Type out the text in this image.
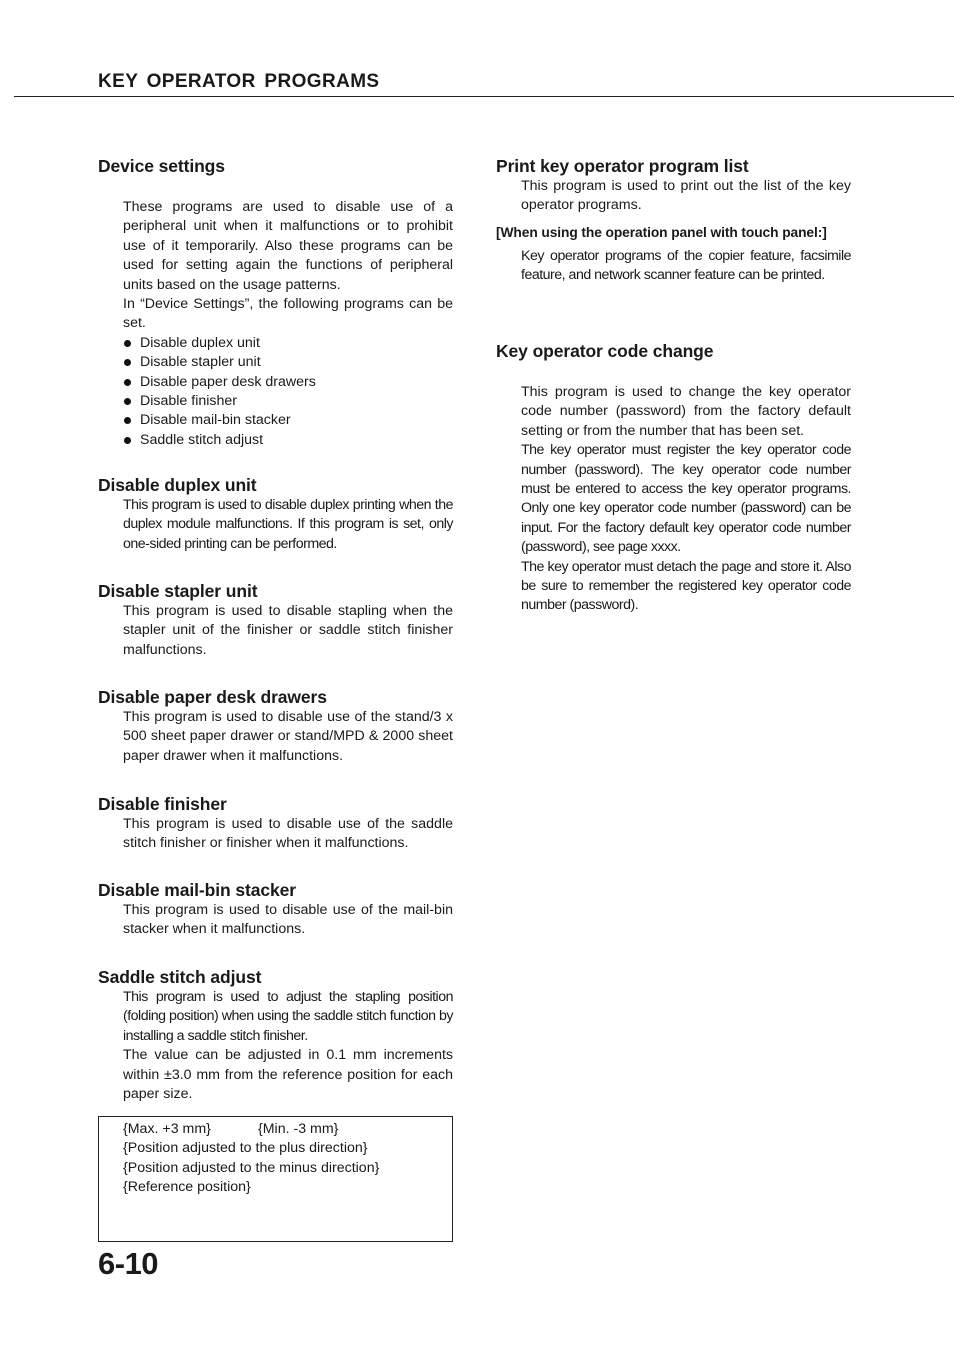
KEY OPERATOR PROGRAMS
Device settings

These programs are used to disable use of a peripheral unit when it malfunctions or to prohibit use of it temporarily. Also these programs can be used for setting again the functions of peripheral units based on the usage patterns.

In “Device Settings”, the following programs can be set.

Disable duplex unit
Disable stapler unit
Disable paper desk drawers
Disable finisher
Disable mail-bin stacker
Saddle stitch adjust
Disable duplex unit

This program is used to disable duplex printing when the duplex module malfunctions. If this program is set, only one-sided printing can be performed.

Disable stapler unit

This program is used to disable stapling when the stapler unit of the finisher or saddle stitch finisher malfunctions.

Disable paper desk drawers

This program is used to disable use of the stand/3 x 500 sheet paper drawer or stand/MPD & 2000 sheet paper drawer when it malfunctions.

Disable finisher

This program is used to disable use of the saddle stitch finisher or finisher when it malfunctions.

Disable mail-bin stacker

This program is used to disable use of the mail-bin stacker when it malfunctions.

Saddle stitch adjust

This program is used to adjust the stapling position (folding position) when using the saddle stitch function by installing a saddle stitch finisher.

The value can be adjusted in 0.1 mm increments within ±3.0 mm from the reference position for each paper size.

{Max. +3 mm}	{Min. -3 mm}
{Position adjusted to the plus direction}
{Position adjusted to the minus direction}
{Reference position}
Print key operator program list

This program is used to print out the list of the key operator programs.

[When using the operation panel with touch panel:]

Key operator programs of the copier feature, facsimile feature, and network scanner feature can be printed.

Key operator code change

This program is used to change the key operator code number (password) from the factory default setting or from the number that has been set.

The key operator must register the key operator code number (password). The key operator code number must be entered to access the key operator programs. Only one key operator code number (password) can be input. For the factory default key operator code number (password), see page xxxx.

The key operator must detach the page and store it. Also be sure to remember the registered key operator code number (password).

6-10
